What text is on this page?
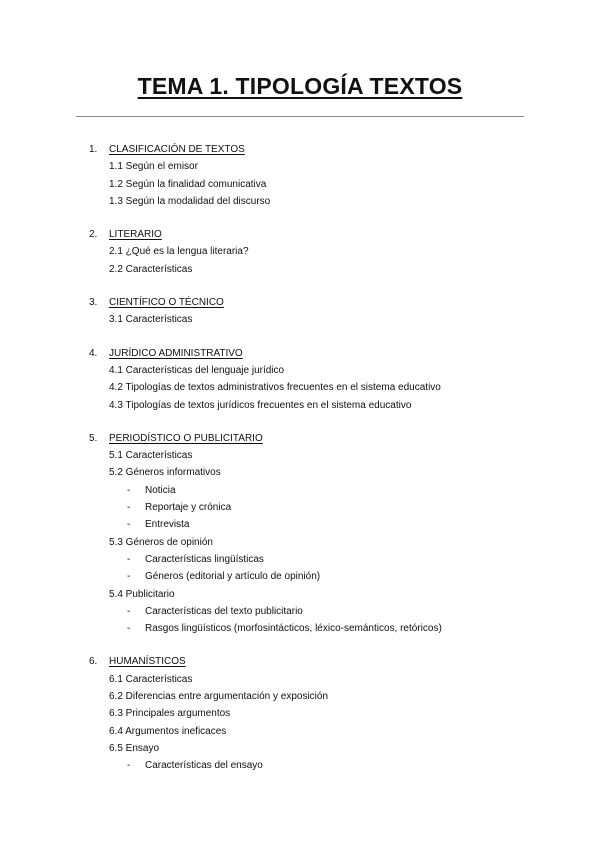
TEMA 1. TIPOLOGÍA TEXTOS
1. CLASIFICACIÓN DE TEXTOS
1.1 Según el emisor
1.2 Según la finalidad comunicativa
1.3 Según la modalidad del discurso
2. LITERARIO
2.1 ¿Qué es la lengua literaria?
2.2 Características
3. CIENTÍFICO O TÉCNICO
3.1 Características
4. JURÍDICO ADMINISTRATIVO
4.1 Características del lenguaje jurídico
4.2 Tipologías de textos administrativos frecuentes en el sistema educativo
4.3 Tipologías de textos jurídicos frecuentes en el sistema educativo
5. PERIODÍSTICO O PUBLICITARIO
5.1 Características
5.2 Géneros informativos
- Noticia
- Reportaje y crónica
- Entrevista
5.3 Géneros de opinión
- Características lingüísticas
- Géneros (editorial y artículo de opinión)
5.4 Publicitario
- Características del texto publicitario
- Rasgos lingüísticos (morfosintácticos, léxico-semánticos, retóricos)
6. HUMANÍSTICOS
6.1 Características
6.2 Diferencias entre argumentación y exposición
6.3 Principales argumentos
6.4 Argumentos ineficaces
6.5 Ensayo
- Características del ensayo
